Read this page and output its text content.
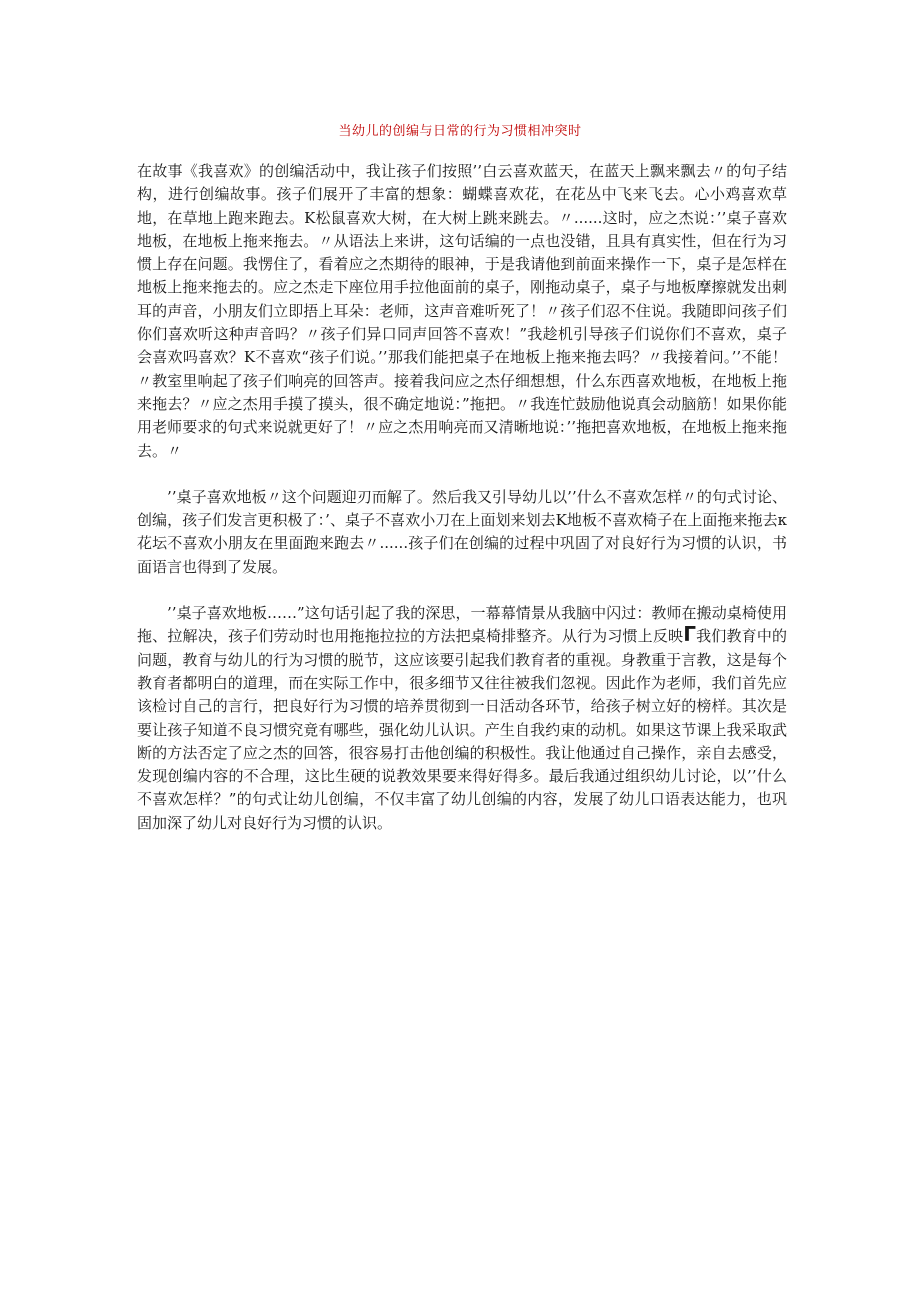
当幼儿的创编与日常的行为习惯相冲突时

在故事《我喜欢》的创编活动中，我让孩子们按照’’白云喜欢蓝天，在蓝天上飘来飘去〃的句子结构，进行创编故事。孩子们展开了丰富的想象：蝴蝶喜欢花，在花丛中飞来飞去。心小鸡喜欢草地，在草地上跑来跑去。K松鼠喜欢大树，在大树上跳来跳去。〃......这时，应之杰说：’’桌子喜欢地板，在地板上拖来拖去。〃从语法上来讲，这句话编的一点也没错，且具有真实性，但在行为习惯上存在问题。我愣住了，看着应之杰期待的眼神，于是我请他到前面来操作一下，桌子是怎样在地板上拖来拖去的。应之杰走下座位用手拉他面前的桌子，刚拖动桌子，桌子与地板摩擦就发出刺耳的声音，小朋友们立即捂上耳朵：老师，这声音难听死了！〃孩子们忍不住说。我随即问孩子们你们喜欢听这种声音吗？〃孩子们异口同声回答不喜欢！”我趁机引导孩子们说你们不喜欢，桌子会喜欢吗喜欢？K不喜欢“孩子们说。’’那我们能把桌子在地板上拖来拖去吗？〃我接着问。’’不能！〃教室里响起了孩子们响亮的回答声。接着我问应之杰仔细想想，什么东西喜欢地板，在地板上拖来拖去？〃应之杰用手摸了摸头，很不确定地说：”拖把。〃我连忙鼓励他说真会动脑筋！如果你能用老师要求的句式来说就更好了！〃应之杰用响亮而又清晰地说：’’拖把喜欢地板，在地板上拖来拖去。〃

’’桌子喜欢地板〃这个问题迎刃而解了。然后我又引导幼儿以’’什么不喜欢怎样〃的句式讨论、创编，孩子们发言更积极了：’、桌子不喜欢小刀在上面划来划去K地板不喜欢椅子在上面拖来拖去κ花坛不喜欢小朋友在里面跑来跑去〃......孩子们在创编的过程中巩固了对良好行为习惯的认识，书面语言也得到了发展。

’’桌子喜欢地板……”这句话引起了我的深思，一幕幕情景从我脑中闪过：教师在搬动桌椅使用拖、拉解决，孩子们劳动时也用拖拖拉拉的方法把桌椅排整齐。从行为习惯上反映Γ我们教育中的问题，教育与幼儿的行为习惯的脱节，这应该要引起我们教育者的重视。身教重于言教，这是每个教育者都明白的道理，而在实际工作中，很多细节又往往被我们忽视。因此作为老师，我们首先应该检讨自己的言行，把良好行为习惯的培养贯彻到一日活动各环节，给孩子树立好的榜样。其次是要让孩子知道不良习惯究竟有哪些，强化幼儿认识。产生自我约束的动机。如果这节课上我采取武断的方法否定了应之杰的回答，很容易打击他创编的积极性。我让他通过自己操作，亲自去感受，发现创编内容的不合理，这比生硬的说教效果要来得好得多。最后我通过组织幼儿讨论，以’’什么不喜欢怎样？”的句式让幼儿创编，不仅丰富了幼儿创编的内容，发展了幼儿口语表达能力，也巩固加深了幼儿对良好行为习惯的认识。
